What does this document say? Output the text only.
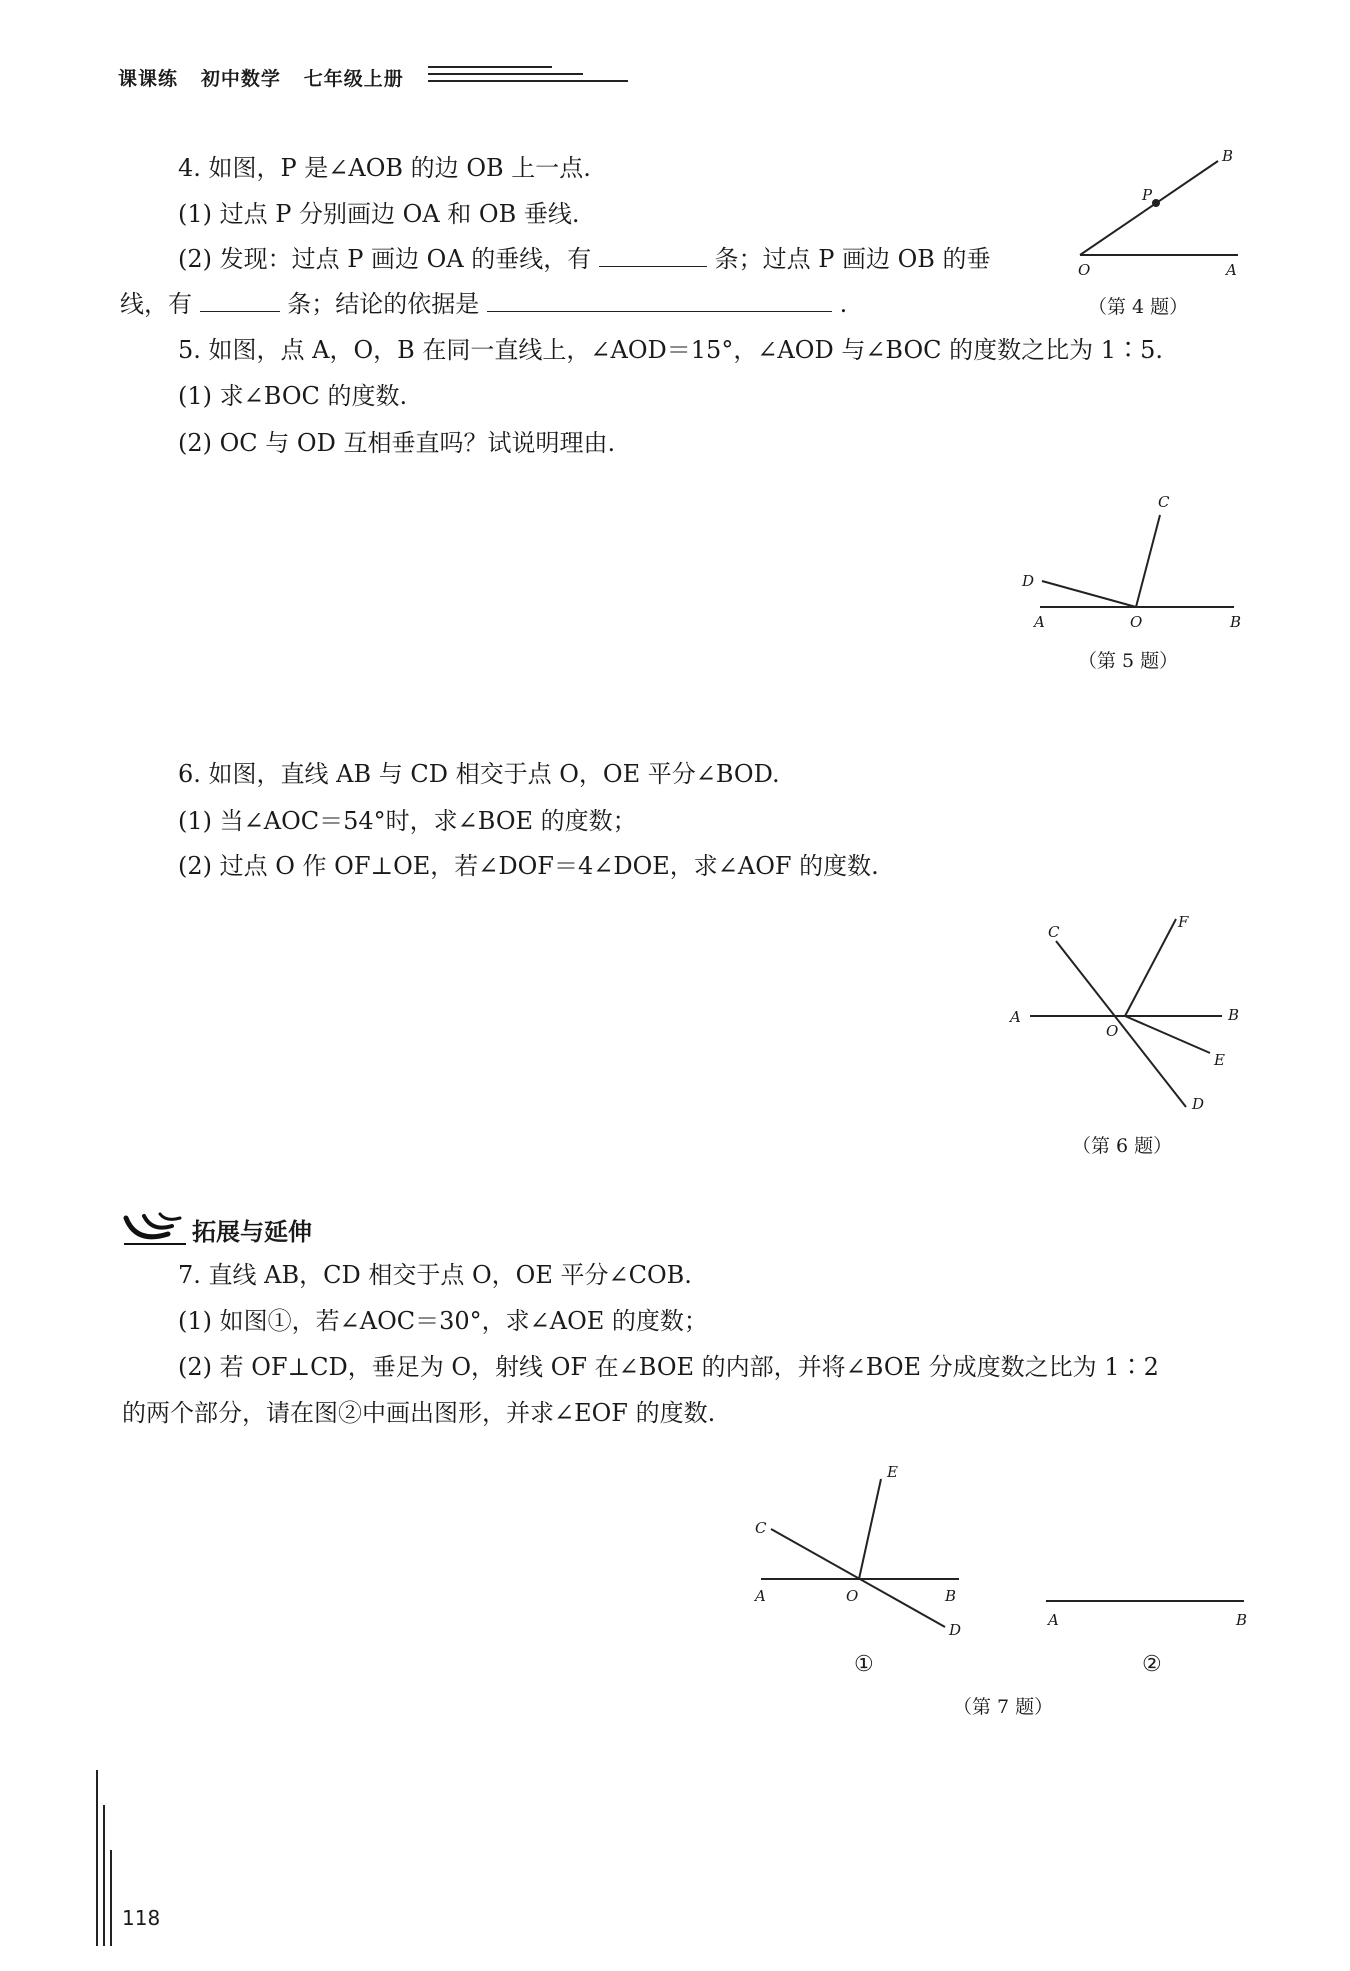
课课练   初中数学   七年级上册
4. 如图，P 是∠AOB 的边 OB 上一点.
(1) 过点 P 分别画边 OA 和 OB 垂线.
(2) 发现：过点 P 画边 OA 的垂线，有	条；过点 P 画边 OB 的垂
线，有	条；结论的依据是	.
P
B
O	A
（第 4 题）
5. 如图，点 A，O，B 在同一直线上，∠AOD＝15°，∠AOD 与∠BOC 的度数之比为 1∶5.
(1) 求∠BOC 的度数.
(2) OC 与 OD 互相垂直吗？试说明理由.
C
D
A	O	B
（第 5 题）
6. 如图，直线 AB 与 CD 相交于点 O，OE 平分∠BOD.
(1) 当∠AOC＝54°时，求∠BOE 的度数；
(2) 过点 O 作 OF⊥OE，若∠DOF＝4∠DOE，求∠AOF 的度数.
C
F
A
O
B
E
D
（第 6 题）
拓展与延伸
7. 直线 AB，CD 相交于点 O，OE 平分∠COB.
(1) 如图①，若∠AOC＝30°，求∠AOE 的度数；
(2) 若 OF⊥CD，垂足为 O，射线 OF 在∠BOE 的内部，并将∠BOE 分成度数之比为 1∶2
的两个部分，请在图②中画出图形，并求∠EOF 的度数.
E
C
A	O	B
D
①
A	B
②
（第 7 题）
118
